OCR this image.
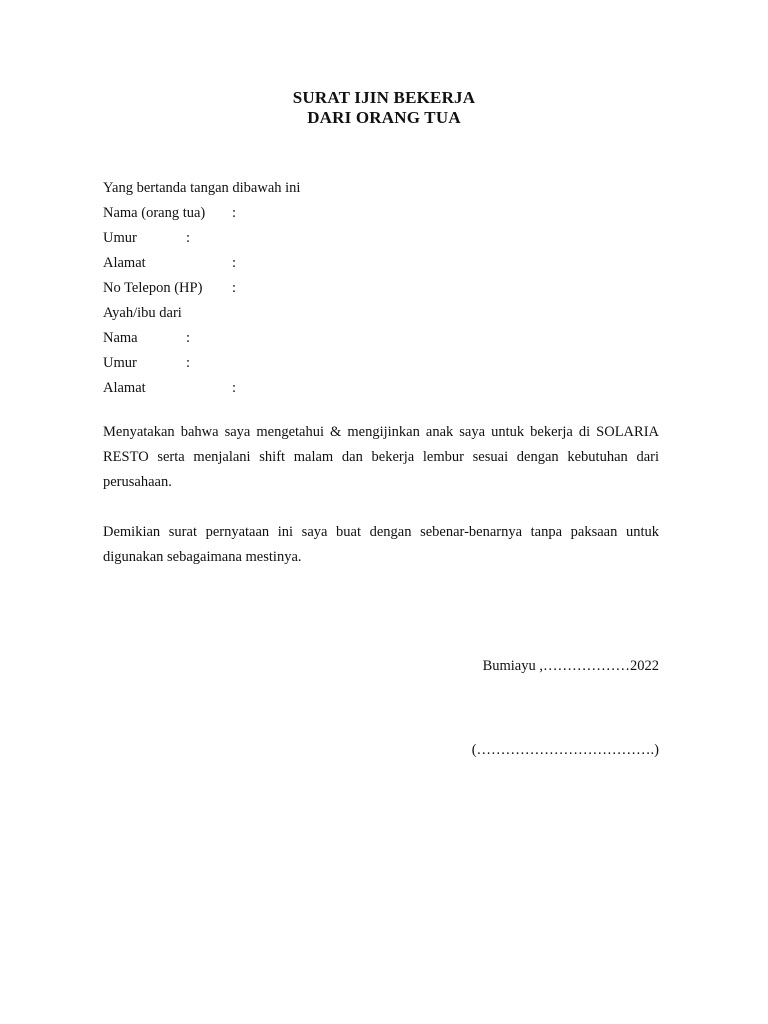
SURAT IJIN BEKERJA
DARI ORANG TUA
Yang bertanda tangan dibawah ini
Nama (orang tua) :
Umur	:
Alamat	:
No Telepon (HP) :
Ayah/ibu dari
Nama	:
Umur	:
Alamat	:
Menyatakan bahwa saya mengetahui & mengijinkan anak saya untuk bekerja di SOLARIA RESTO serta menjalani shift malam dan bekerja lembur sesuai dengan kebutuhan dari perusahaan.
Demikian surat pernyataan ini saya buat dengan sebenar-benarnya tanpa paksaan untuk digunakan sebagaimana mestinya.
Bumiayu ,………………2022
(……………………………….)
